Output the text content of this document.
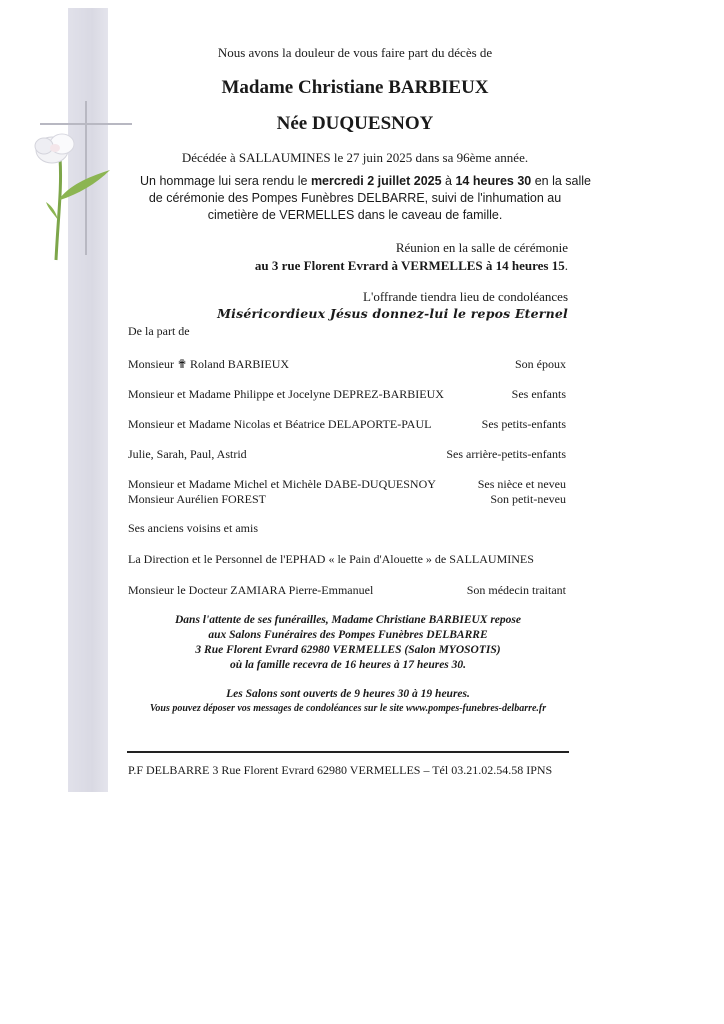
Nous avons la douleur de vous faire part du décès de
Madame Christiane BARBIEUX
Née DUQUESNOY
Décédée à SALLAUMINES le 27 juin 2025 dans sa 96ème année.
Un hommage lui sera rendu le mercredi 2 juillet 2025 à 14 heures 30 en la salle
de cérémonie des Pompes Funèbres DELBARRE, suivi de l'inhumation au
cimetière de VERMELLES dans le caveau de famille.
Réunion en la salle de cérémonie
au 3 rue Florent Evrard à VERMELLES à 14 heures 15.
L'offrande tiendra lieu de condoléances
Miséricordieux Jésus donnez-lui le repos Eternel
De la part de
Monsieur ✟ Roland BARBIEUX	Son époux
Monsieur et Madame Philippe et Jocelyne DEPREZ-BARBIEUX	Ses enfants
Monsieur et Madame Nicolas et Béatrice DELAPORTE-PAUL	Ses petits-enfants
Julie, Sarah, Paul, Astrid	Ses arrière-petits-enfants
Monsieur et Madame Michel et Michèle DABE-DUQUESNOY	Ses nièce et neveu
Monsieur Aurélien FOREST	Son petit-neveu
Ses anciens voisins et amis
La Direction et le Personnel de l'EPHAD « le Pain d'Alouette » de SALLAUMINES
Monsieur le Docteur ZAMIARA Pierre-Emmanuel	Son médecin traitant
Dans l'attente de ses funérailles, Madame Christiane BARBIEUX repose
aux Salons Funéraires des Pompes Funèbres DELBARRE
3 Rue Florent Evrard 62980 VERMELLES (Salon MYOSOTIS)
où la famille recevra de 16 heures à 17 heures 30.
Les Salons sont ouverts de 9 heures 30 à 19 heures.
Vous pouvez déposer vos messages de condoléances sur le site www.pompes-funebres-delbarre.fr
P.F DELBARRE 3 Rue Florent Evrard 62980 VERMELLES – Tél 03.21.02.54.58 IPNS
